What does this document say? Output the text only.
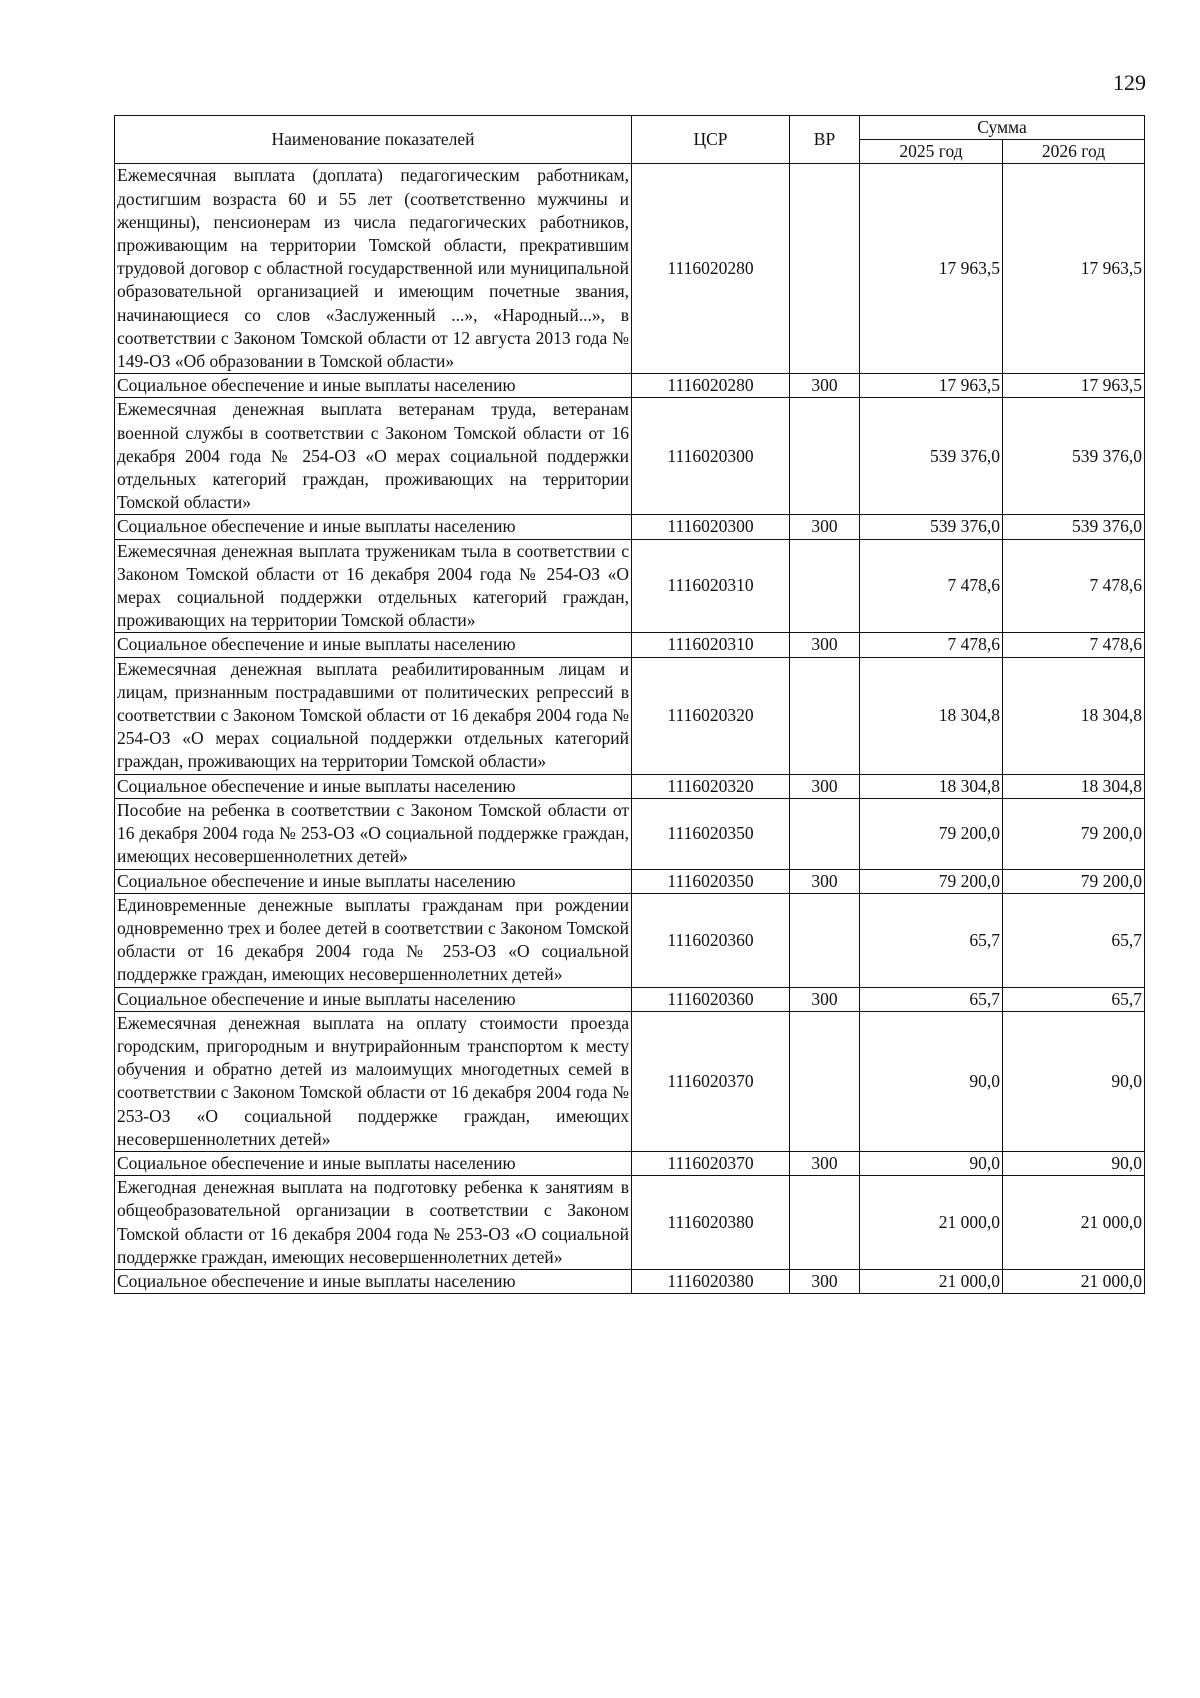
129
Наименование показателей	ЦСР	ВР	Сумма	
			2025 год	2026 год
Ежемесячная выплата (доплата) педагогическим работникам, достигшим возраста 60 и 55 лет (соответственно мужчины и женщины), пенсионерам из числа педагогических работников, проживающим на территории Томской области, прекратившим трудовой договор с областной государственной или муниципальной образовательной организацией и имеющим почетные звания, начинающиеся со слов «Заслуженный ...», «Народный...», в соответствии с Законом Томской области от 12 августа 2013 года № 149-ОЗ «Об образовании в Томской области»	1116020280		17 963,5	17 963,5
Социальное обеспечение и иные выплаты населению	1116020280	300	17 963,5	17 963,5
Ежемесячная денежная выплата ветеранам труда, ветеранам военной службы в соответствии с Законом Томской области от 16 декабря 2004 года № 254-ОЗ «О мерах социальной поддержки отдельных категорий граждан, проживающих на территории Томской области»	1116020300		539 376,0	539 376,0
Социальное обеспечение и иные выплаты населению	1116020300	300	539 376,0	539 376,0
Ежемесячная денежная выплата труженикам тыла в соответствии с Законом Томской области от 16 декабря 2004 года № 254-ОЗ «О мерах социальной поддержки отдельных категорий граждан, проживающих на территории Томской области»	1116020310		7 478,6	7 478,6
Социальное обеспечение и иные выплаты населению	1116020310	300	7 478,6	7 478,6
Ежемесячная денежная выплата реабилитированным лицам и лицам, признанным пострадавшими от политических репрессий в соответствии с Законом Томской области от 16 декабря 2004 года № 254-ОЗ «О мерах социальной поддержки отдельных категорий граждан, проживающих на территории Томской области»	1116020320		18 304,8	18 304,8
Социальное обеспечение и иные выплаты населению	1116020320	300	18 304,8	18 304,8
Пособие на ребенка в соответствии с Законом Томской области от 16 декабря 2004 года № 253-ОЗ «О социальной поддержке граждан, имеющих несовершеннолетних детей»	1116020350		79 200,0	79 200,0
Социальное обеспечение и иные выплаты населению	1116020350	300	79 200,0	79 200,0
Единовременные денежные выплаты гражданам при рождении одновременно трех и более детей в соответствии с Законом Томской области от 16 декабря 2004 года № 253-ОЗ «О социальной поддержке граждан, имеющих несовершеннолетних детей»	1116020360		65,7	65,7
Социальное обеспечение и иные выплаты населению	1116020360	300	65,7	65,7
Ежемесячная денежная выплата на оплату стоимости проезда городским, пригородным и внутрирайонным транспортом к месту обучения и обратно детей из малоимущих многодетных семей в соответствии с Законом Томской области от 16 декабря 2004 года № 253-ОЗ «О социальной поддержке граждан, имеющих несовершеннолетних детей»	1116020370		90,0	90,0
Социальное обеспечение и иные выплаты населению	1116020370	300	90,0	90,0
Ежегодная денежная выплата на подготовку ребенка к занятиям в общеобразовательной организации в соответствии с Законом Томской области от 16 декабря 2004 года № 253-ОЗ «О социальной поддержке граждан, имеющих несовершеннолетних детей»	1116020380		21 000,0	21 000,0
Социальное обеспечение и иные выплаты населению	1116020380	300	21 000,0	21 000,0
